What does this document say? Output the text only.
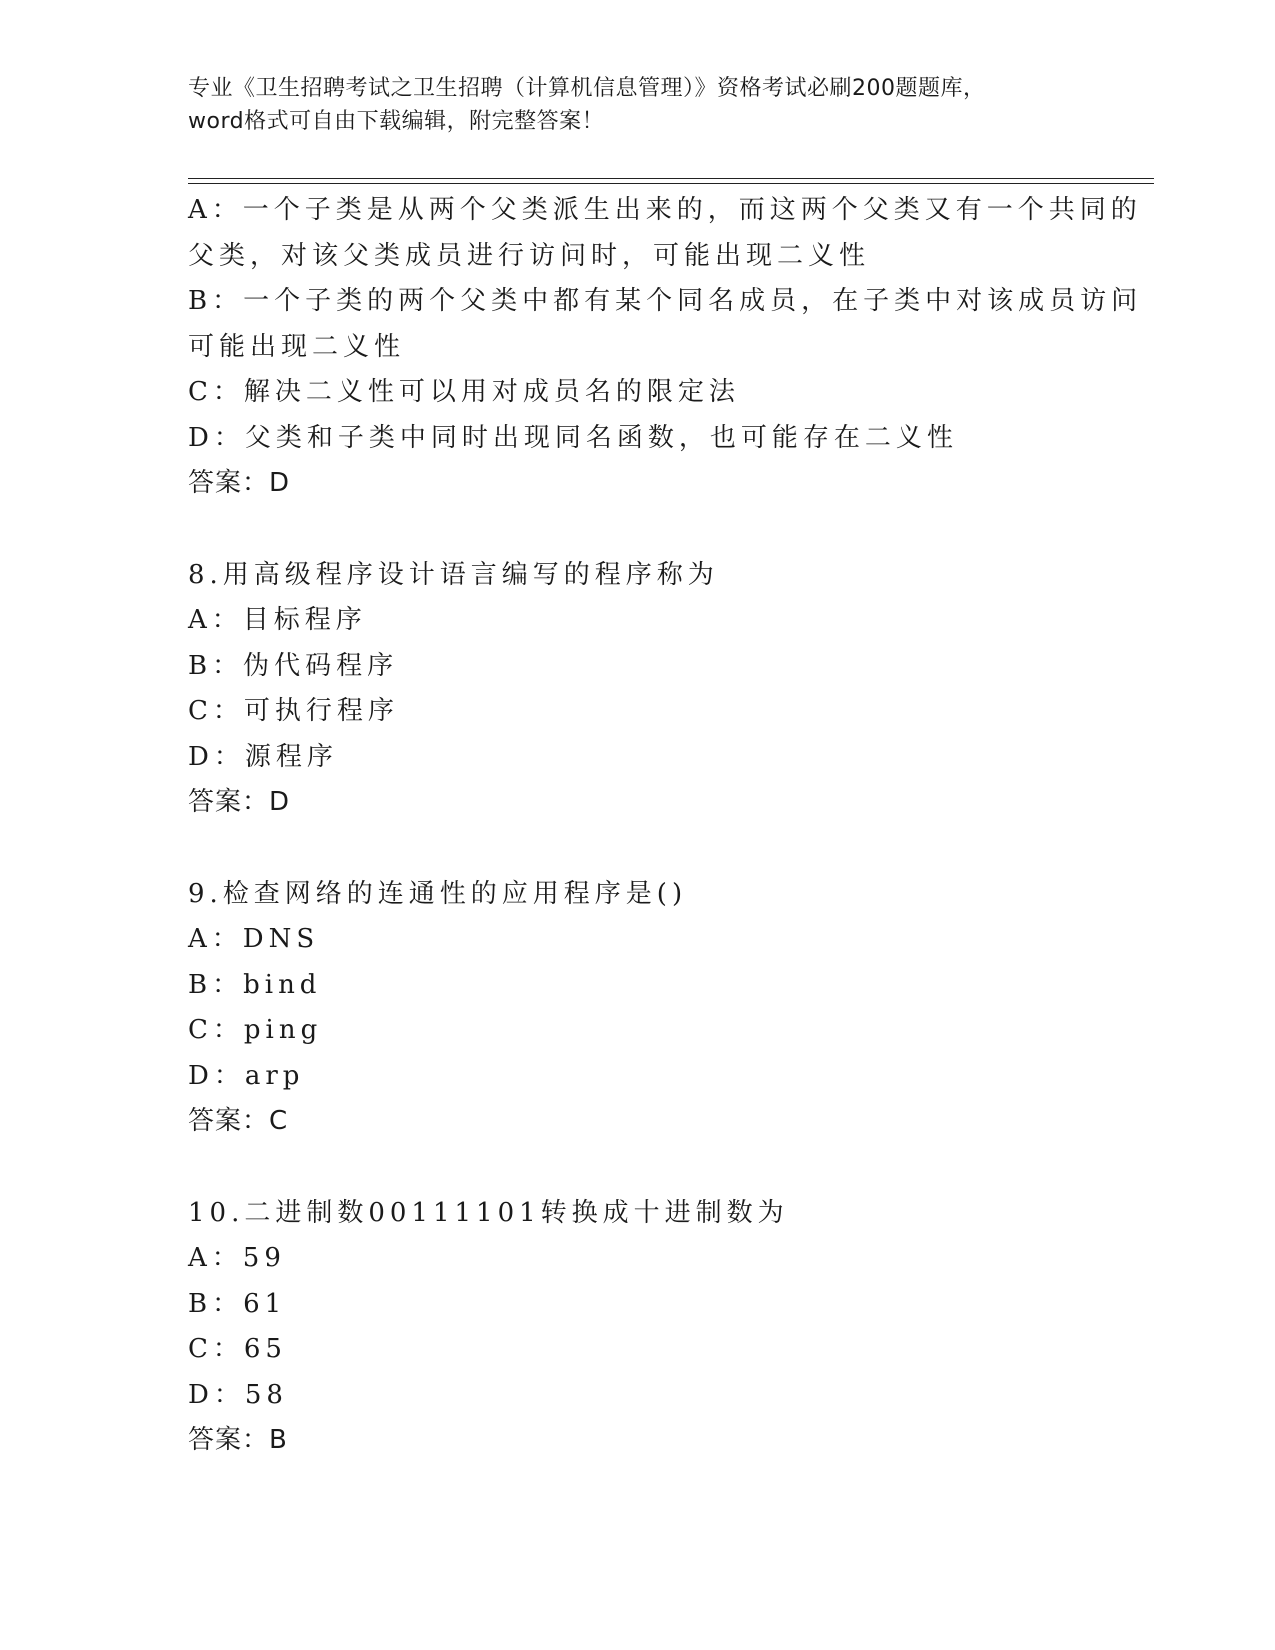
专业《卫生招聘考试之卫生招聘（计算机信息管理）》资格考试必刷200题题库，
word格式可自由下载编辑，附完整答案！
A：一个子类是从两个父类派生出来的，而这两个父类又有一个共同的
父类，对该父类成员进行访问时，可能出现二义性
B：一个子类的两个父类中都有某个同名成员，在子类中对该成员访问
可能出现二义性
C：解决二义性可以用对成员名的限定法
D：父类和子类中同时出现同名函数，也可能存在二义性
答案：D
8.用高级程序设计语言编写的程序称为
A：目标程序
B：伪代码程序
C：可执行程序
D：源程序
答案：D
9.检查网络的连通性的应用程序是()
A：DNS
B：bind
C：ping
D：arp
答案：C
10.二进制数00111101转换成十进制数为
A：59
B：61
C：65
D：58
答案：B
